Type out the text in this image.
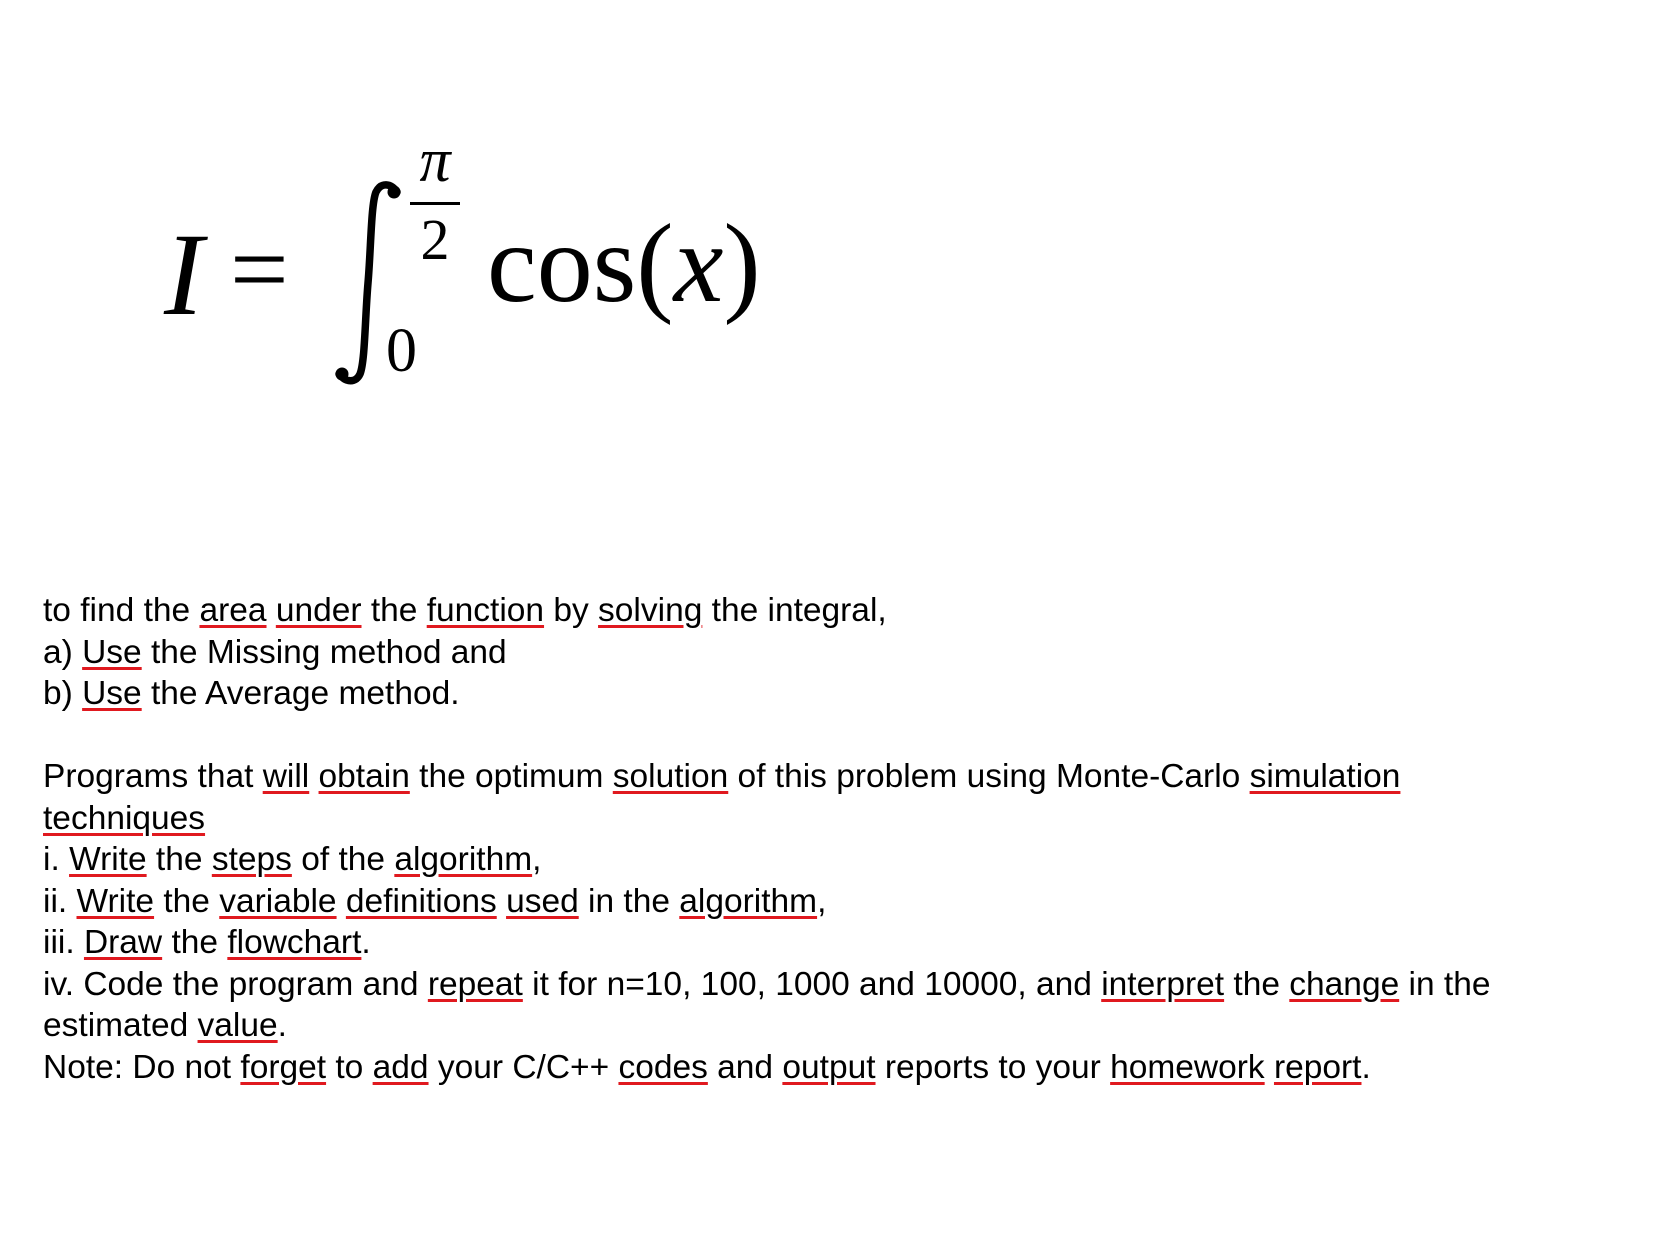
I =
π
2
0
cos(x)
to find the area under the function by solving the integral,
a) Use the Missing method and
b) Use the Average method.
Programs that will obtain the optimum solution of this problem using Monte-Carlo simulation
techniques
i. Write the steps of the algorithm,
ii. Write the variable definitions used in the algorithm,
iii. Draw the flowchart.
iv. Code the program and repeat it for n=10, 100, 1000 and 10000, and interpret the change in the
estimated value.
Note: Do not forget to add your C/C++ codes and output reports to your homework report.
